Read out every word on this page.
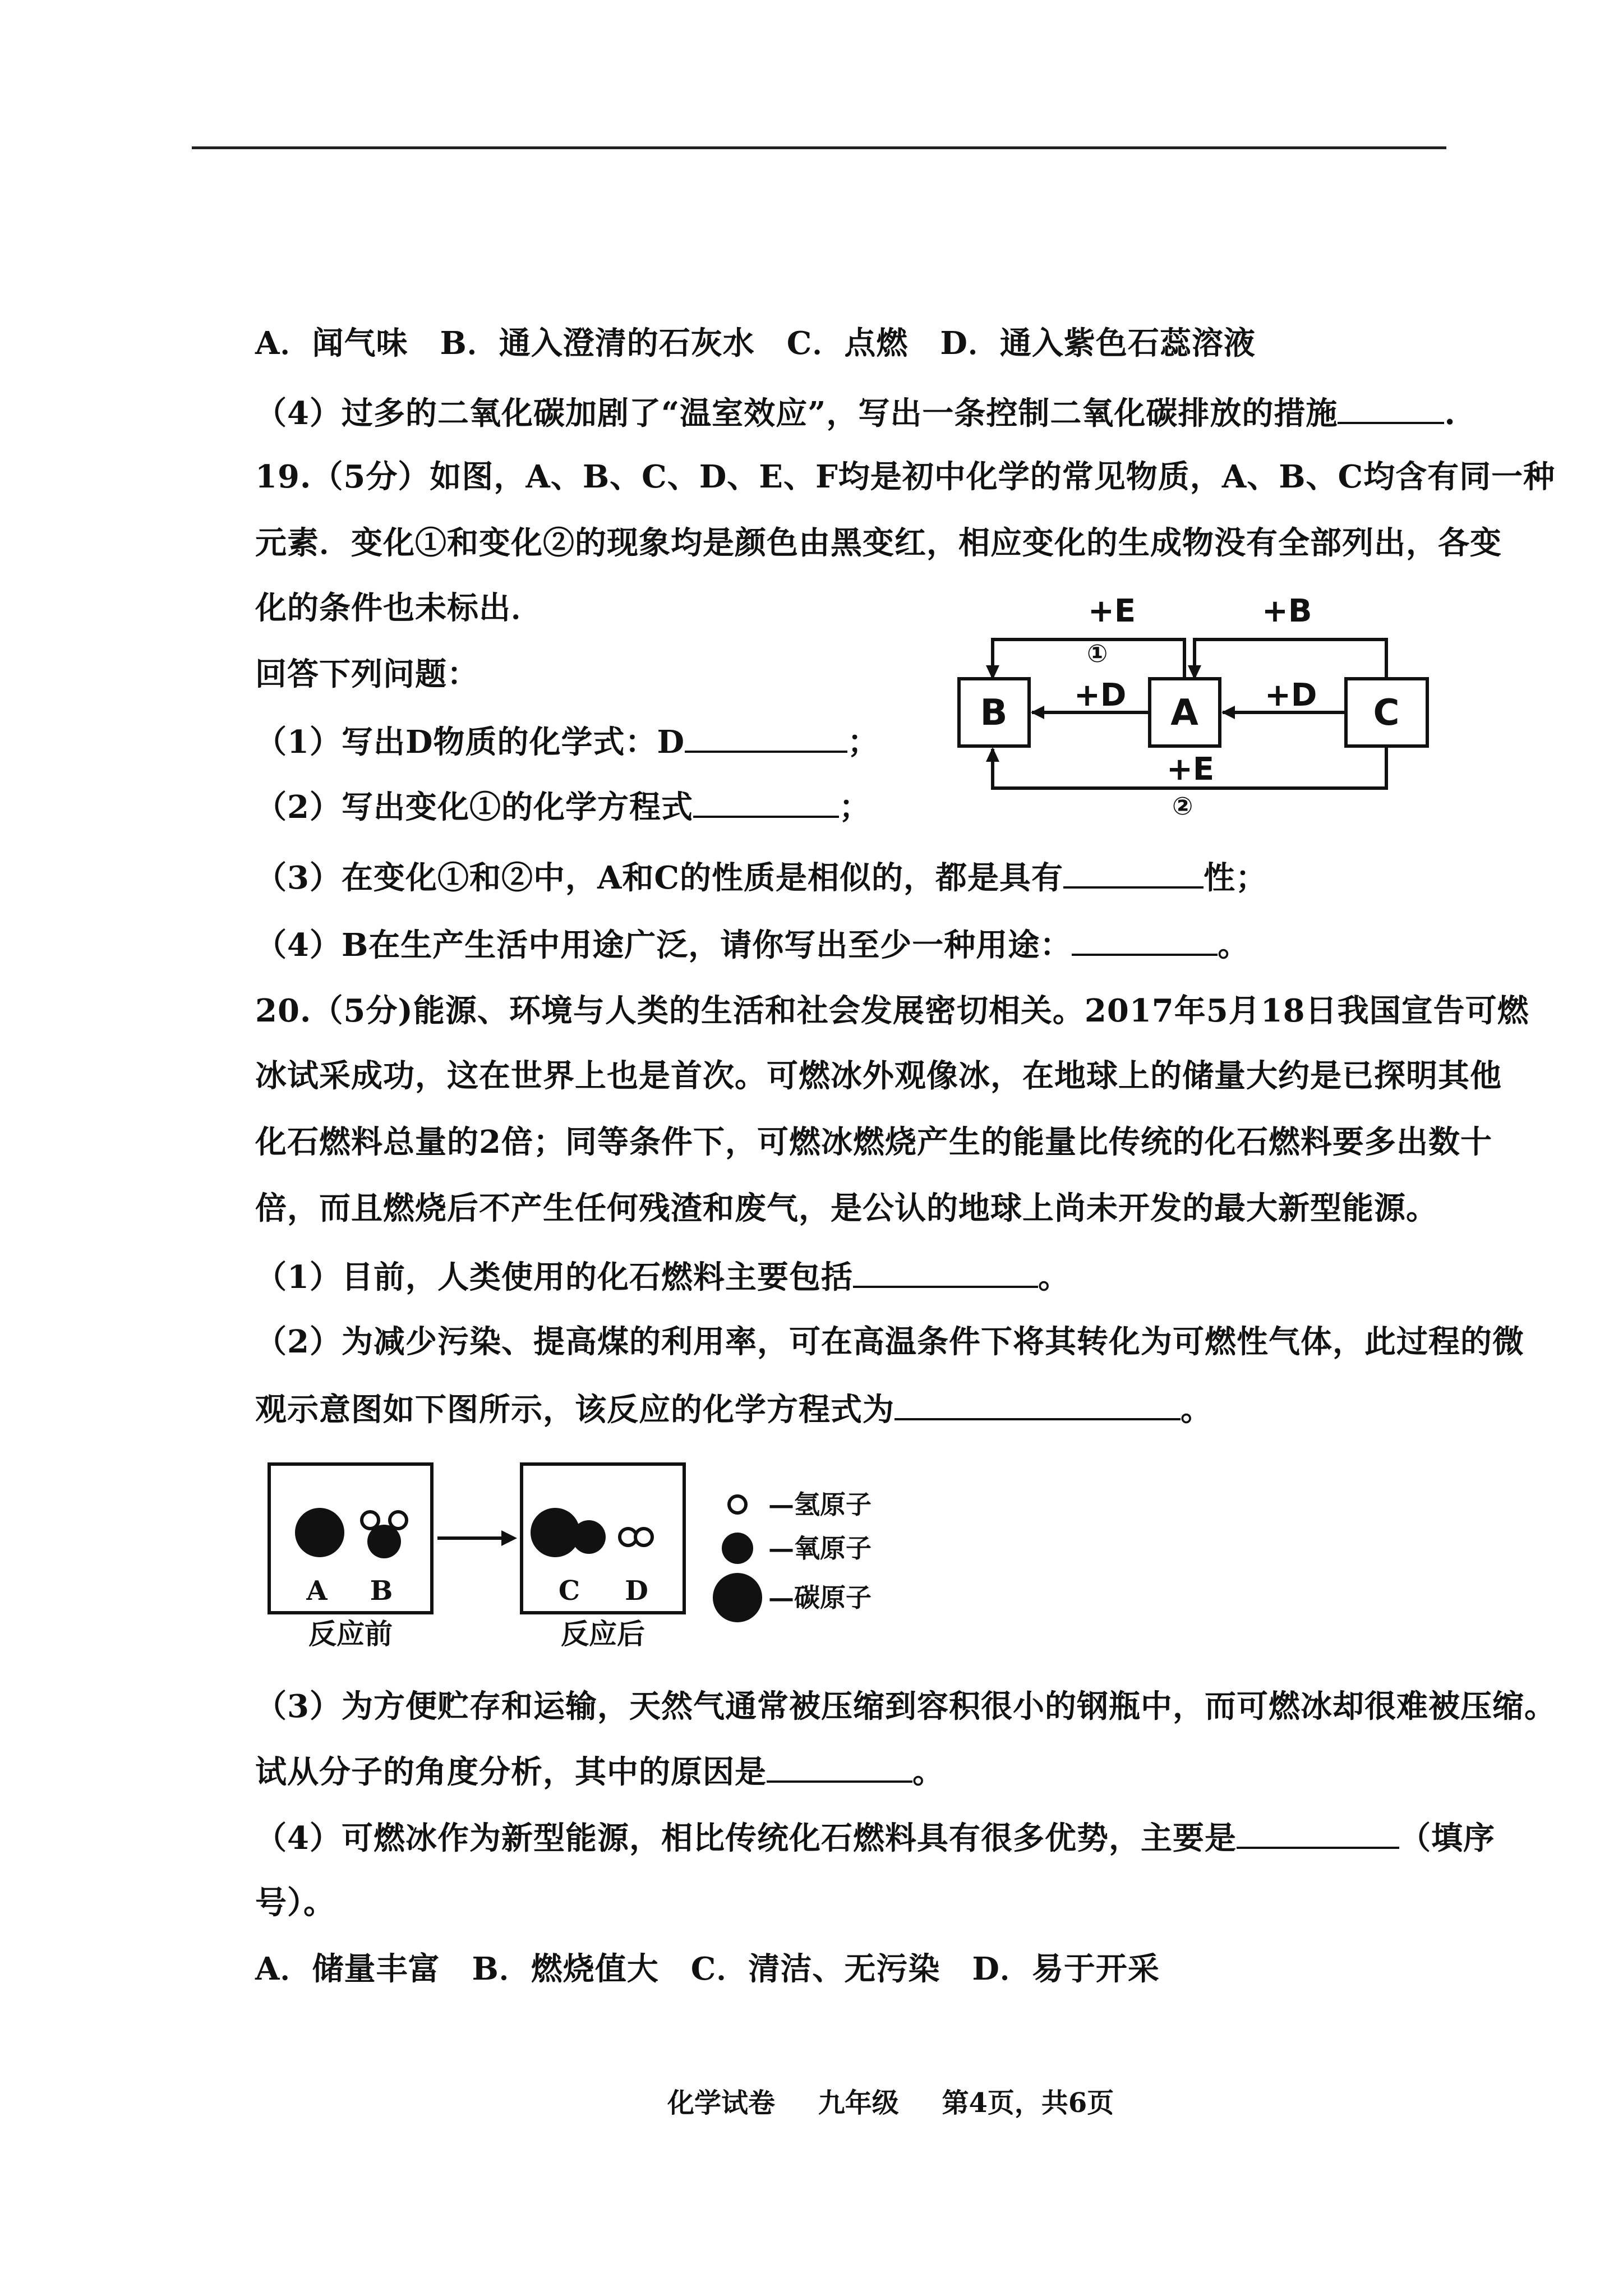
A．闻气味　B．通入澄清的石灰水　C．点燃　D．通入紫色石蕊溶液
（4）过多的二氧化碳加剧了“温室效应”，写出一条控制二氧化碳排放的措施	.
19.（5分）如图，A、B、C、D、E、F均是初中化学的常见物质，A、B、C均含有同一种
元素．变化①和变化②的现象均是颜色由黑变红，相应变化的生成物没有全部列出，各变
化的条件也未标出．
回答下列问题：
（1）写出D物质的化学式：D	；
（2）写出变化①的化学方程式	；
（3）在变化①和②中，A和C的性质是相似的，都是具有	性；
（4）B在生产生活中用途广泛，请你写出至少一种用途：	。
B	A	C
+E
①
+B
+D	+D
+E
②
20.（5分)能源、环境与人类的生活和社会发展密切相关。2017年5月18日我国宣告可燃
冰试采成功，这在世界上也是首次。可燃冰外观像冰，在地球上的储量大约是已探明其他
化石燃料总量的2倍；同等条件下，可燃冰燃烧产生的能量比传统的化石燃料要多出数十
倍，而且燃烧后不产生任何残渣和废气，是公认的地球上尚未开发的最大新型能源。
（1）目前，人类使用的化石燃料主要包括	。
（2）为减少污染、提高煤的利用率，可在高温条件下将其转化为可燃性气体，此过程的微
观示意图如下图所示，该反应的化学方程式为	。
A B
反应前
C D
反应后
—氢原子
—氧原子
—碳原子
（3）为方便贮存和运输，天然气通常被压缩到容积很小的钢瓶中，而可燃冰却很难被压缩。
试从分子的角度分析，其中的原因是	。
（4）可燃冰作为新型能源，相比传统化石燃料具有很多优势，主要是	（填序
号）。
A．储量丰富　B．燃烧值大　C．清洁、无污染　D．易于开采
化学试卷 九年级 第4页，共6页
